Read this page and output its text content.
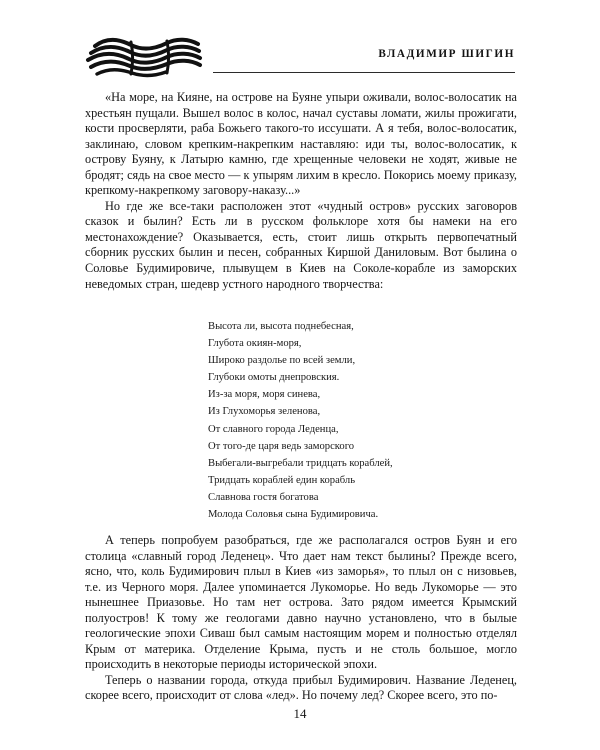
ВЛАДИМИР ШИГИН

«На море, на Кияне, на острове на Буяне упыри оживали, волос-волосатик на хрестьян пущали. Вышел волос в колос, начал суставы ломати, жилы прожигати, кости просверляти, раба Божьего такого-то иссушати. А я тебя, волос-волосатик, заклинаю, словом крепким-накрепким наставляю: иди ты, волос-волосатик, к острову Буяну, к Латырю камню, где хрещенные человеки не ходят, живые не бродят; сядь на свое место — к упырям лихим в кресло. Покорись моему приказу, крепкому-накрепкому заговору-наказу...»

Но где же все-таки расположен этот «чудный остров» русских заговоров сказок и былин? Есть ли в русском фольклоре хотя бы намеки на его местонахождение? Оказывается, есть, стоит лишь открыть первопечатный сборник русских былин и песен, собранных Киршой Даниловым. Вот былина о Соловье Будимировиче, плывущем в Киев на Соколе-корабле из заморских неведомых стран, шедевр устного народного творчества:

Высота ли, высота поднебесная,
Глубота окиян-моря,
Широко раздолье по всей земли,
Глубоки омоты днепровския.
Из-за моря, моря синева,
Из Глухоморья зеленова,
От славного города Леденца,
От того-де царя ведь заморского
Выбегали-выгребали тридцать кораблей,
Тридцать кораблей един корабль
Славнова гостя богатова
Молода Соловья сына Будимировича.

А теперь попробуем разобраться, где же располагался остров Буян и его столица «славный город Леденец». Что дает нам текст былины? Прежде всего, ясно, что, коль Будимирович плыл в Киев «из заморья», то плыл он с низовьев, т.е. из Черного моря. Далее упоминается Лукоморье. Но ведь Лукоморье — это нынешнее Приазовье. Но там нет острова. Зато рядом имеется Крымский полуостров! К тому же геологами давно научно установлено, что в былые геологические эпохи Сиваш был самым настоящим морем и полностью отделял Крым от материка. Отделение Крыма, пусть и не столь большое, могло происходить в некоторые периоды исторической эпохи.

Теперь о названии города, откуда прибыл Будимирович. Название Леденец, скорее всего, происходит от слова «лед». Но почему лед? Скорее всего, это по-

14
